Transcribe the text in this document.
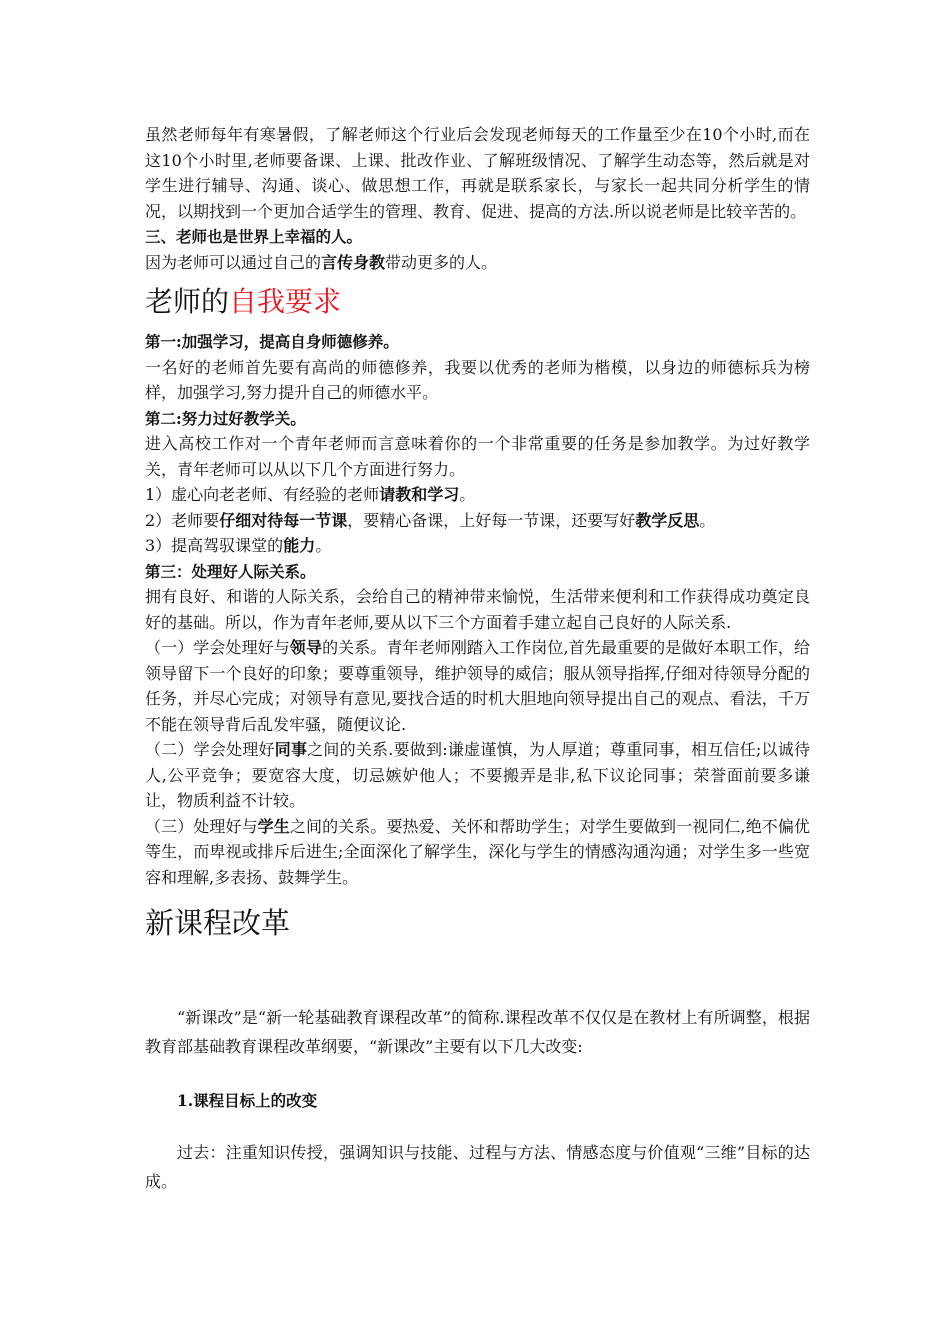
虽然老师每年有寒暑假，了解老师这个行业后会发现老师每天的工作量至少在10个小时,而在这10个小时里,老师要备课、上课、批改作业、了解班级情况、了解学生动态等，然后就是对学生进行辅导、沟通、谈心、做思想工作，再就是联系家长，与家长一起共同分析学生的情况，以期找到一个更加合适学生的管理、教育、促进、提高的方法.所以说老师是比较辛苦的。

三、老师也是世界上幸福的人。

因为老师可以通过自己的言传身教带动更多的人。

老师的自我要求

第一:加强学习，提高自身师德修养。

一名好的老师首先要有高尚的师德修养，我要以优秀的老师为楷模，以身边的师德标兵为榜样，加强学习,努力提升自己的师德水平。

第二:努力过好教学关。

进入高校工作对一个青年老师而言意味着你的一个非常重要的任务是参加教学。为过好教学关，青年老师可以从以下几个方面进行努力。

1）虚心向老老师、有经验的老师请教和学习。

2）老师要仔细对待每一节课，要精心备课，上好每一节课，还要写好教学反思。

3）提高驾驭课堂的能力。

第三：处理好人际关系。

拥有良好、和谐的人际关系，会给自己的精神带来愉悦，生活带来便利和工作获得成功奠定良好的基础。所以，作为青年老师,要从以下三个方面着手建立起自己良好的人际关系.

（一）学会处理好与领导的关系。青年老师刚踏入工作岗位,首先最重要的是做好本职工作，给领导留下一个良好的印象；要尊重领导，维护领导的威信；服从领导指挥,仔细对待领导分配的任务，并尽心完成；对领导有意见,要找合适的时机大胆地向领导提出自己的观点、看法，千万不能在领导背后乱发牢骚，随便议论.

（二）学会处理好同事之间的关系.要做到:谦虚谨慎，为人厚道；尊重同事，相互信任;以诚待人,公平竞争；要宽容大度，切忌嫉妒他人；不要搬弄是非,私下议论同事；荣誉面前要多谦让，物质利益不计较。

（三）处理好与学生之间的关系。要热爱、关怀和帮助学生；对学生要做到一视同仁,绝不偏优等生，而卑视或排斥后进生;全面深化了解学生，深化与学生的情感沟通沟通；对学生多一些宽容和理解,多表扬、鼓舞学生。

新课程改革

“新课改”是“新一轮基础教育课程改革”的简称.课程改革不仅仅是在教材上有所调整，根据教育部基础教育课程改革纲要，“新课改”主要有以下几大改变:

1.课程目标上的改变

过去：注重知识传授，强调知识与技能、过程与方法、情感态度与价值观“三维”目标的达成。
